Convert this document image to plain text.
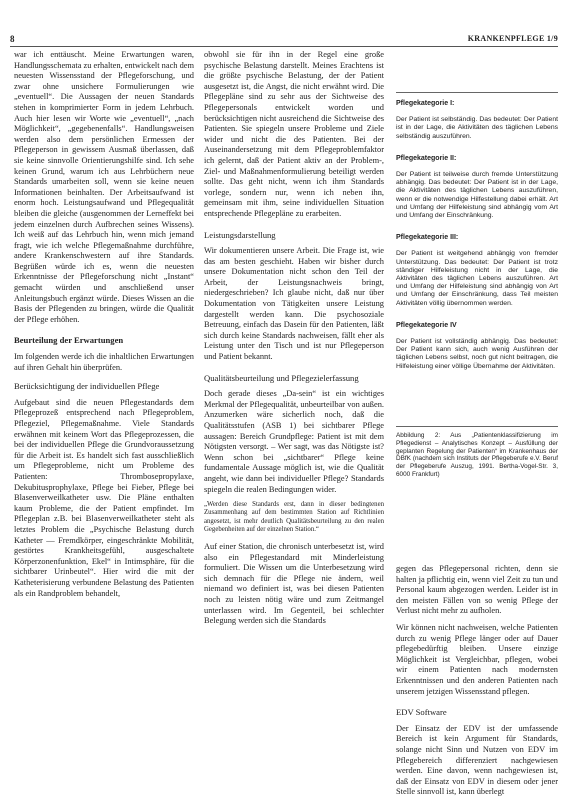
8	KRANKENPFLEGE 1/9

war ich enttäuscht. Meine Erwartungen waren, Handlungsschemata zu erhalten, entwickelt nach dem neuesten Wissensstand der Pflegeforschung, und zwar ohne unsichere Formulierungen wie „eventuell“. Die Aussagen der neuen Standards stehen in komprimierter Form in jedem Lehrbuch. Auch hier lesen wir Worte wie „eventuell“, „nach Möglichkeit“, „gegebenenfalls“. Handlungsweisen werden also dem persönlichen Ermessen der Pflegeperson in gewissem Ausmaß überlassen, daß sie keine sinnvolle Orientierungshilfe sind. Ich sehe keinen Grund, warum ich aus Lehrbüchern neue Standards umarbeiten soll, wenn sie keine neuen Informationen beinhalten. Der Arbeitsaufwand ist enorm hoch. Leistungsaufwand und Pflegequalität bleiben die gleiche (ausgenommen der Lerneffekt bei jedem einzelnen durch Aufbrechen seines Wissens). Ich weiß auf das Lehrbuch hin, wenn mich jemand fragt, wie ich welche Pflegemaßnahme durchführe, andere Krankenschwestern auf ihre Standards. Begrüßen würde ich es, wenn die neuesten Erkenntnisse der Pflegeforschung nicht „Instant“ gemacht würden und anschließend unser Anleitungsbuch ergänzt würde. Dieses Wissen an die Basis der Pflegenden zu bringen, würde die Qualität der Pflege erhöhen.

Beurteilung der Erwartungen

Im folgenden werde ich die inhaltlichen Erwartungen auf ihren Gehalt hin überprüfen.

Berücksichtigung der individuellen Pflege

Aufgebaut sind die neuen Pflegestandards dem Pflegeprozeß entsprechend nach Pflegeproblem, Pflegeziel, Pflegemaßnahme. Viele Standards erwähnen mit keinem Wort das Pflegeprozessen, die bei der individuellen Pflege die Grundvoraussetzung für die Arbeit ist. Es handelt sich fast ausschließlich um Pflegeprobleme, nicht um Probleme des Patienten: Thrombosepropylaxe, Dekubitusprophylaxe, Pflege bei Fieber, Pflege bei Blasenverweilkatheter usw. Die Pläne enthalten kaum Probleme, die der Patient empfindet. Im Pflegeplan z.B. bei Blasenverweilkatheter steht als letztes Problem die „Psychische Belastung durch Katheter — Fremdkörper, eingeschränkte Mobilität, gestörtes Krankheitsgefühl, ausgeschaltete Körperzonenfunktion, Ekel“ in Intimsphäre, für die sichtbarer Urinbeutel“. Hier wird die mit der Katheterisierung verbundene Belastung des Patienten als ein Randproblem behandelt,

obwohl sie für ihn in der Regel eine große psychische Belastung darstellt. Meines Erachtens ist die größte psychische Belastung, der der Patient ausgesetzt ist, die Angst, die nicht erwähnt wird. Die Pflegepläne sind zu sehr aus der Sichtweise des Pflegepersonals entwickelt worden und berücksichtigen nicht ausreichend die Sichtweise des Patienten. Sie spiegeln unsere Probleme und Ziele wider und nicht die des Patienten. Bei der Auseinandersetzung mit dem Pflegeproblemfaktor ich gelernt, daß der Patient aktiv an der Problem-, Ziel- und Maßnahmenformulierung beteiligt werden sollte. Das geht nicht, wenn ich ihm Standards vorlege, sondern nur, wenn ich neben ihn, gemeinsam mit ihm, seine individuellen Situation entsprechende Pflegepläne zu erarbeiten.

Leistungsdarstellung

Wir dokumentieren unsere Arbeit. Die Frage ist, wie das am besten geschieht. Haben wir bisher durch unsere Dokumentation nicht schon den Teil der Arbeit, der Leistungsnachweis bringt, niedergeschrieben? Ich glaube nicht, daß nur über Dokumentation von Tätigkeiten unsere Leistung dargestellt werden kann. Die psychosoziale Betreuung, einfach das Dasein für den Patienten, läßt sich durch keine Standards nachweisen, fällt eher als Leistung unter den Tisch und ist nur Pflegeperson und Patient bekannt.

Qualitätsbeurteilung und Pflegezielerfassung

Doch gerade dieses „Da-sein“ ist ein wichtiges Merkmal der Pflegequalität, unbeurteilbar von außen. Anzumerken wäre sicherlich noch, daß die Qualitätsstufen (ASB 1) bei sichtbarer Pflege aussagen: Bereich Grundpflege: Patient ist mit dem Nötigsten versorgt. – Wer sagt, was das Nötigste ist? Wenn schon bei „sichtbarer“ Pflege keine fundamentale Aussage möglich ist, wie die Qualität angeht, wie dann bei individueller Pflege? Standards spiegeln die realen Bedingungen wider.

„Werden diese Standards erst, dann in dieser bedingtenen Zusammenhang auf dem bestimmten Station auf Richtlinien angesetzt, ist mehr deutlich Qualitätsbeurteilung zu den realen Gegebenheiten auf der einzelnen Station.“

Auf einer Station, die chronisch unterbesetzt ist, wird also ein Pflegestandard mit Minderleistung formuliert. Die Wissen um die Unterbesetzung wird sich demnach für die Pflege nie ändern, weil niemand wo definiert ist, was bei diesen Patienten noch zu leisten nötig wäre und zum Zeitmangel unterlassen wird. Im Gegenteil, bei schlechter Belegung werden sich die Standards

Pflegekategorie I:

Der Patient ist selbständig. Das bedeutet: Der Patient ist in der Lage, die Aktivitäten des täglichen Lebens selbständig auszuführen.

Pflegekategorie II:

Der Patient ist teilweise durch fremde Unterstützung abhängig. Das bedeutet: Der Patient ist in der Lage, die Aktivitäten des täglichen Lebens auszuführen, wenn er die notwendige Hilfestellung dabei erhält. Art und Umfang der Hilfeleistung sind abhängig vom Art und Umfang der Einschränkung.

Pflegekategorie III:

Der Patient ist weitgehend abhängig von fremder Unterstützung. Das bedeutet: Der Patient ist trotz ständiger Hilfeleistung nicht in der Lage, die Aktivitäten des täglichen Lebens auszuführen. Art und Umfang der Hilfeleistung sind abhängig von Art und Umfang der Einschränkung, dass Teil meisten Aktivitäten völlig übernommen werden.

Pflegekategorie IV

Der Patient ist vollständig abhängig. Das bedeutet: Der Patient kann sich, auch wenig Ausführen der täglichen Lebens selbst, noch gut nicht beitragen, die Hilfeleistung einer völlige Übernahme der Aktivitäten.

Abbildung 2: Aus „Patientenklassifizierung im Pflegedienst – Analytisches Konzept – Ausfüllung der geplanten Regelung der Patienten“ im Krankenhaus der DBfK (nachdem sich Instituts der Pflegeberufe e.V. Beruf der Pflegeberufe Auszug, 1991. Bertha-Vogel-Str. 3, 6000 Frankfurt)

gegen das Pflegepersonal richten, denn sie halten ja pflichtig ein, wenn viel Zeit zu tun und Personal kaum abgezogen werden. Leider ist in den meisten Fällen von so wenig Pflege der Verlust nicht mehr zu aufholen.

Wir können nicht nachweisen, welche Patienten durch zu wenig Pflege länger oder auf Dauer pflegebedürftig bleiben. Unsere einzige Möglichkeit ist Vergleichbar, pflegen, wobei wir einem Patienten nach modernsten Erkenntnissen und den anderen Patienten nach unserem jetzigen Wissensstand pflegen.

EDV Software

Der Einsatz der EDV ist der umfassende Bereich ist kein Argument für Standards, solange nicht Sinn und Nutzen von EDV im Pflegebereich differenziert nachgewiesen werden. Eine davon, wenn nachgewiesen ist, daß der Einsatz von EDV in diesem oder jener Stelle sinnvoll ist, kann überlegt
